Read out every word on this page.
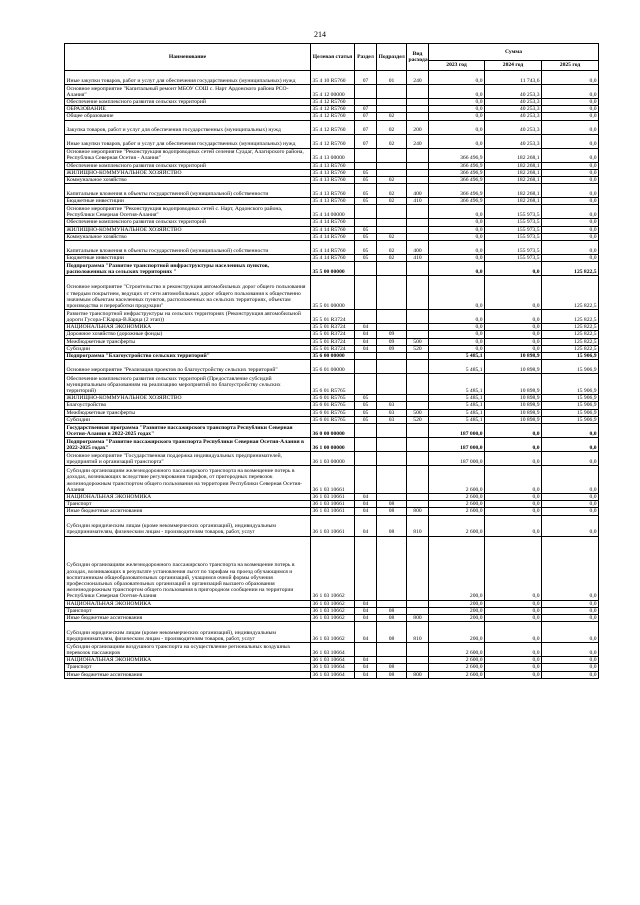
214
Наименование	Целевая статья	Раздел	Подраздел	Вид расхода	Сумма		
					2023 год	2024 год	2025 год
Иные закупки товаров, работ и услуг для обеспечения государственных (муниципальных) нужд	35 4 10 R5760	07	01	240	0,0	11 743,6	0,0
Основное мероприятие "Капитальный ремонт МБОУ СОШ с. Нарт Ардонского района РСО-Алания"	35 4 12 00000				0,0	40 253,3	0,0
Обеспечение комплексного развития сельских территорий	35 4 12 R5760				0,0	40 253,3	0,0
ОБРАЗОВАНИЕ	35 4 12 R5760	07			0,0	40 253,3	0,0
Общее образование	35 4 12 R5760	07	02		0,0	40 253,3	0,0
Закупка товаров, работ и услуг для обеспечения государственных (муниципальных) нужд	35 4 12 R5760	07	02	200	0,0	40 253,3	0,0
Иные закупки товаров, работ и услуг для обеспечения государственных (муниципальных) нужд	35 4 12 R5760	07	02	240	0,0	40 253,3	0,0
Основное мероприятие "Реконструкция водопроводных сетей селения Суадаг, Алагирского района, Республика Северная Осетия - Алания"	35 4 13 00000				366 496,9	182 268,1	0,0
Обеспечение комплексного развития сельских территорий	35 4 13 R5760				366 496,9	182 268,1	0,0
ЖИЛИЩНО-КОММУНАЛЬНОЕ ХОЗЯЙСТВО	35 4 13 R5760	05			366 496,9	182 268,1	0,0
Коммунальное хозяйство	35 4 13 R5760	05	02		366 496,9	182 268,1	0,0
Капитальные вложения в объекты государственной (муниципальной) собственности	35 4 13 R5760	05	02	400	366 496,9	182 268,1	0,0
Бюджетные инвестиции	35 4 13 R5760	05	02	410	366 496,9	182 268,1	0,0
Основное мероприятие "Реконструкция водопроводных сетей с. Нарт, Ардонского района, Республики Северная Осетия-Алания"	35 4 14 00000				0,0	155 973,5	0,0
Обеспечение комплексного развития сельских территорий	35 4 14 R5760				0,0	155 973,5	0,0
ЖИЛИЩНО-КОММУНАЛЬНОЕ ХОЗЯЙСТВО	35 4 14 R5760	05			0,0	155 973,5	0,0
Коммунальное хозяйство	35 4 14 R5760	05	02		0,0	155 973,5	0,0
Капитальные вложения в объекты государственной (муниципальной) собственности	35 4 14 R5760	05	02	400	0,0	155 973,5	0,0
Бюджетные инвестиции	35 4 14 R5760	05	02	410	0,0	155 973,5	0,0
Подпрограмма "Развитие транспортной инфраструктуры населенных пунктов, расположенных на сельских территориях "	35 5 00 00000				0,0	0,0	125 822,5
Основное мероприятие "Строительство и реконструкция автомобильных дорог общего пользования с твердым покрытием, ведущих от сети автомобильных дорог общего пользования к общественно значимым объектам населенных пунктов, расположенных на сельских территориях, объектам производства и переработки продукции"	35 5 01 00000				0,0	0,0	125 822,5
Развитие транспортной инфраструктуры на сельских территориях (Реконструкция автомобильной дороги Гусора-Г.Карца-В.Карца (2 этап))	35 5 01 R3724				0,0	0,0	125 822,5
НАЦИОНАЛЬНАЯ ЭКОНОМИКА	35 5 01 R3724	04			0,0	0,0	125 822,5
Дорожное хозяйство (дорожные фонды)	35 5 01 R3724	04	09		0,0	0,0	125 822,5
Межбюджетные трансферты	35 5 01 R3724	04	09	500	0,0	0,0	125 822,5
Субсидии	35 5 01 R3724	04	09	520	0,0	0,0	125 822,5
Подпрограмма "Благоустройство сельских территорий"	35 6 00 00000				5 485,1	10 898,9	15 906,9
Основное мероприятие "Реализация проектов по благоустройству сельских территорий"	35 6 01 00000				5 485,1	10 898,9	15 906,9
Обеспечение комплексного развития сельских территорий (Предоставление субсидий муниципальным образованиям на реализацию мероприятий по благоустройству сельских территорий)	35 6 01 R5765				5 485,1	10 898,9	15 906,9
ЖИЛИЩНО-КОММУНАЛЬНОЕ ХОЗЯЙСТВО	35 6 01 R5765	05			5 485,1	10 898,9	15 906,9
Благоустройство	35 6 01 R5765	05	03		5 485,1	10 898,9	15 906,9
Межбюджетные трансферты	35 6 01 R5765	05	03	500	5 485,1	10 898,9	15 906,9
Субсидии	35 6 01 R5765	05	03	520	5 485,1	10 898,9	15 906,9
Государственная программа "Развитие пассажирского транспорта Республики Северная Осетия-Алания в 2022-2025 годах"	36 0 00 00000				187 000,0	0,0	0,0
Подпрограмма "Развитие пассажирского транспорта Республики Северная Осетия-Алания в 2022-2025 годах"	36 1 00 00000				187 000,0	0,0	0,0
Основное мероприятие "Государственная поддержка индивидуальных предпринимателей, предприятий и организаций транспорта"	36 1 03 00000				187 000,0	0,0	0,0
Субсидии организациям железнодорожного пассажирского транспорта на возмещение потерь в доходах, возникающих вследствие регулирования тарифов, от пригородных перевозок железнодорожным транспортом общего пользования на территории Республики Северная Осетия-Алания	36 1 03 10661				2 600,0	0,0	0,0
НАЦИОНАЛЬНАЯ ЭКОНОМИКА	36 1 03 10661	04			2 600,0	0,0	0,0
Транспорт	36 1 03 10661	04	08		2 600,0	0,0	0,0
Иные бюджетные ассигнования	36 1 03 10661	04	08	800	2 600,0	0,0	0,0
Субсидии юридическим лицам (кроме некоммерческих организаций), индивидуальным предпринимателям, физическим лицам - производителям товаров, работ, услуг	36 1 03 10661	04	08	810	2 600,0	0,0	0,0
Субсидии организациям железнодорожного пассажирского транспорта на возмещение потерь в доходах, возникающих в результате установления льгот по тарифам на проезд обучающимся и воспитанникам общеобразовательных организаций, учащимся очной формы обучения профессиональных образовательных организаций и организаций высшего образования железнодорожным транспортом общего пользования в пригородном сообщении на территории Республики Северная Осетия-Алания	36 1 03 10662				200,0	0,0	0,0
НАЦИОНАЛЬНАЯ ЭКОНОМИКА	36 1 03 10662	04			200,0	0,0	0,0
Транспорт	36 1 03 10662	04	08		200,0	0,0	0,0
Иные бюджетные ассигнования	36 1 03 10662	04	08	800	200,0	0,0	0,0
Субсидии юридическим лицам (кроме некоммерческих организаций), индивидуальным предпринимателям, физическим лицам - производителям товаров, работ, услуг	36 1 03 10662	04	08	810	200,0	0,0	0,0
Субсидии организациям воздушного транспорта на осуществление региональных воздушных перевозок пассажиров	36 1 03 10664				2 600,0	0,0	0,0
НАЦИОНАЛЬНАЯ ЭКОНОМИКА	36 1 03 10664	04			2 600,0	0,0	0,0
Транспорт	36 1 03 10664	04	08		2 600,0	0,0	0,0
Иные бюджетные ассигнования	36 1 03 10664	04	08	800	2 600,0	0,0	0,0
